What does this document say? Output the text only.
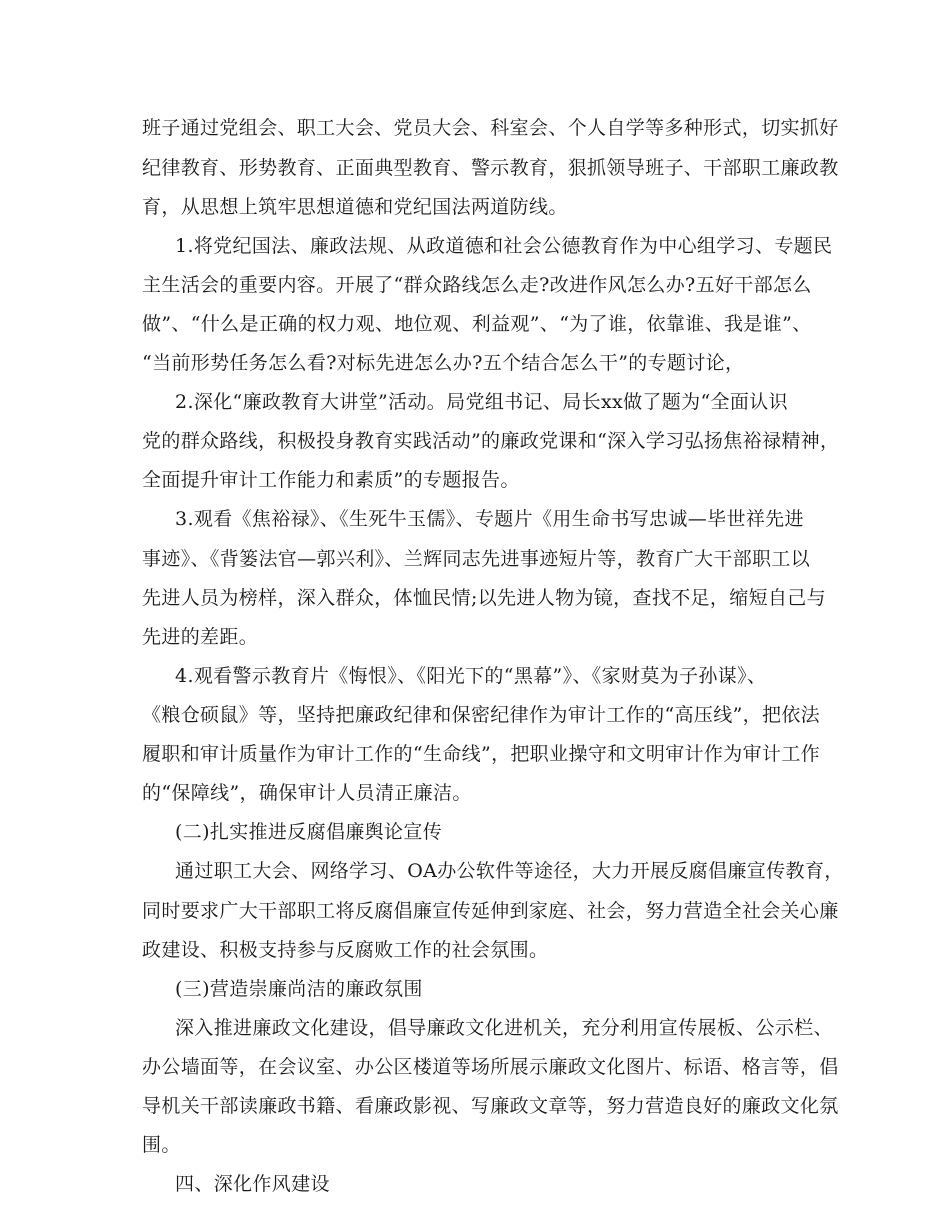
班子通过党组会、职工大会、党员大会、科室会、个人自学等多种形式，切实抓好
纪律教育、形势教育、正面典型教育、警示教育，狠抓领导班子、干部职工廉政教
育，从思想上筑牢思想道德和党纪国法两道防线。
1.将党纪国法、廉政法规、从政道德和社会公德教育作为中心组学习、专题民
主生活会的重要内容。开展了“群众路线怎么走?改进作风怎么办?五好干部怎么
做”、“什么是正确的权力观、地位观、利益观”、“为了谁，依靠谁、我是谁”、
“当前形势任务怎么看?对标先进怎么办?五个结合怎么干”的专题讨论，
2.深化“廉政教育大讲堂”活动。局党组书记、局长xx做了题为“全面认识
党的群众路线，积极投身教育实践活动”的廉政党课和“深入学习弘扬焦裕禄精神，
全面提升审计工作能力和素质”的专题报告。
3.观看《焦裕禄》、《生死牛玉儒》、专题片《用生命书写忠诚—毕世祥先进
事迹》、《背篓法官—郭兴利》、兰辉同志先进事迹短片等，教育广大干部职工以
先进人员为榜样，深入群众，体恤民情;以先进人物为镜，查找不足，缩短自己与
先进的差距。
4.观看警示教育片《悔恨》、《阳光下的“黑幕”》、《家财莫为子孙谋》、
《粮仓硕鼠》等，坚持把廉政纪律和保密纪律作为审计工作的“高压线”，把依法
履职和审计质量作为审计工作的“生命线”，把职业操守和文明审计作为审计工作
的“保障线”，确保审计人员清正廉洁。
(二)扎实推进反腐倡廉舆论宣传
通过职工大会、网络学习、OA办公软件等途径，大力开展反腐倡廉宣传教育，
同时要求广大干部职工将反腐倡廉宣传延伸到家庭、社会，努力营造全社会关心廉
政建设、积极支持参与反腐败工作的社会氛围。
(三)营造崇廉尚洁的廉政氛围
深入推进廉政文化建设，倡导廉政文化进机关，充分利用宣传展板、公示栏、
办公墙面等，在会议室、办公区楼道等场所展示廉政文化图片、标语、格言等，倡
导机关干部读廉政书籍、看廉政影视、写廉政文章等，努力营造良好的廉政文化氛
围。
四、深化作风建设
